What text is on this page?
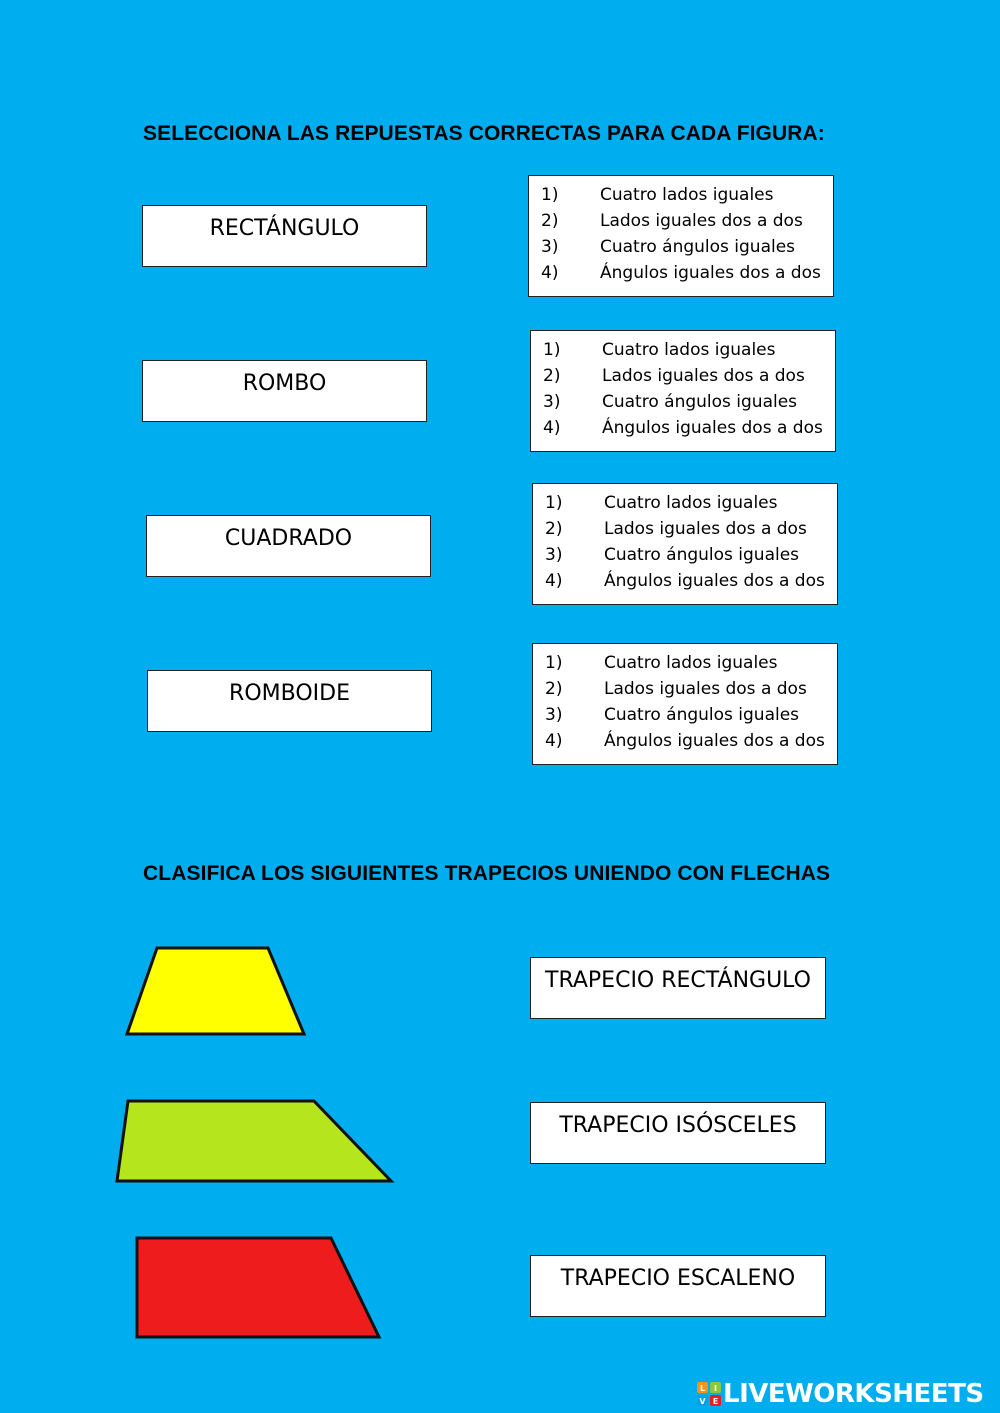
SELECCIONA LAS REPUESTAS CORRECTAS PARA CADA FIGURA:
RECTÁNGULO
ROMBO
CUADRADO
ROMBOIDE
1) Cuatro lados iguales
2) Lados iguales dos a dos
3) Cuatro ángulos iguales
4) Ángulos iguales dos a dos
1) Cuatro lados iguales
2) Lados iguales dos a dos
3) Cuatro ángulos iguales
4) Ángulos iguales dos a dos
1) Cuatro lados iguales
2) Lados iguales dos a dos
3) Cuatro ángulos iguales
4) Ángulos iguales dos a dos
1) Cuatro lados iguales
2) Lados iguales dos a dos
3) Cuatro ángulos iguales
4) Ángulos iguales dos a dos
CLASIFICA LOS SIGUIENTES TRAPECIOS UNIENDO CON FLECHAS
TRAPECIO RECTÁNGULO
TRAPECIO ISÓSCELES
TRAPECIO ESCALENO
L I
V E LIVEWORKSHEETS
